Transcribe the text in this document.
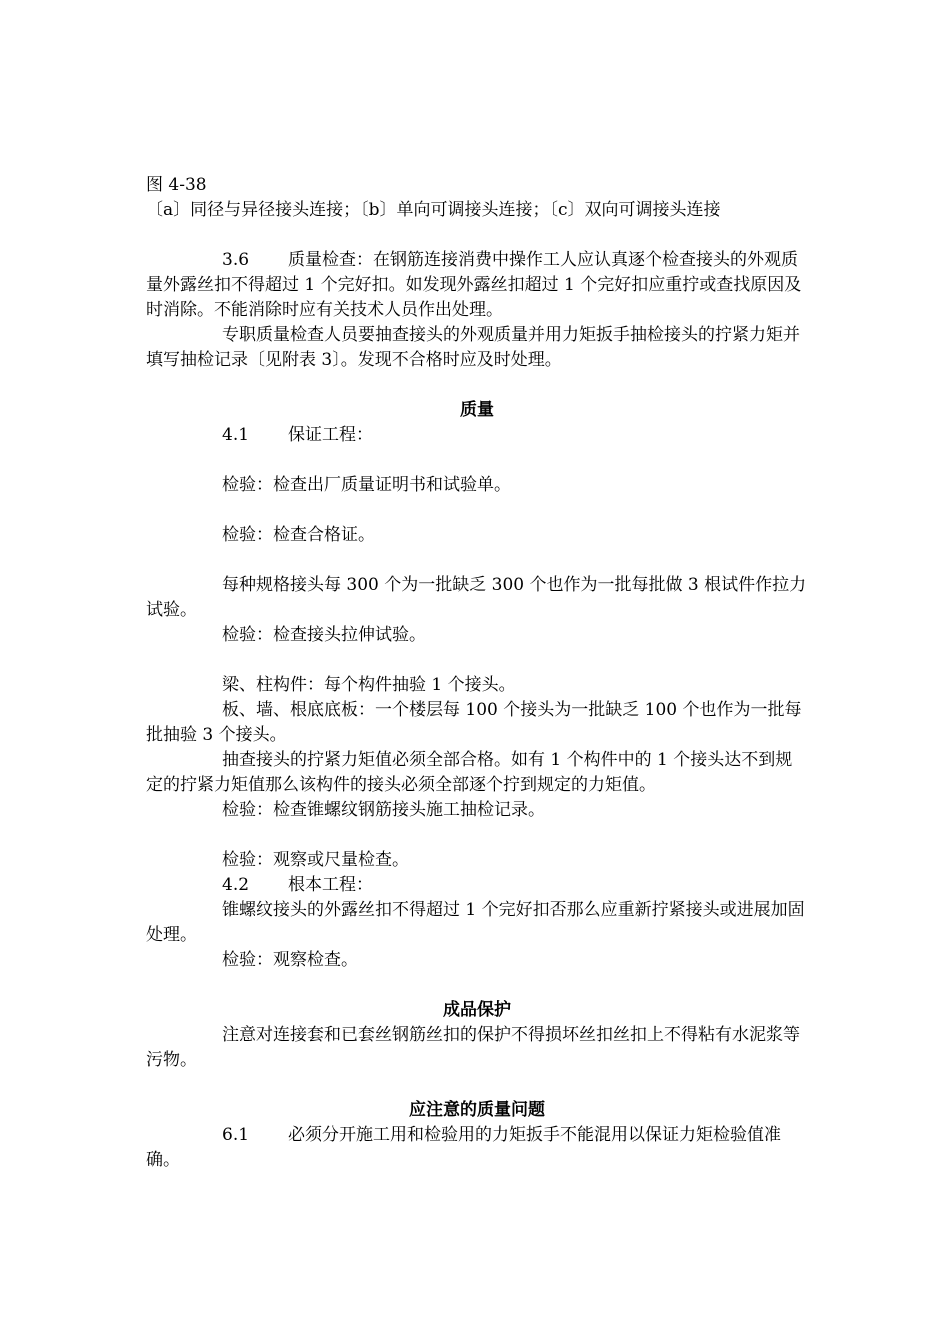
图 4-38

〔a〕同径与异径接头连接；〔b〕单向可调接头连接；〔c〕双向可调接头连接

3.6 质量检查：在钢筋连接消费中操作工人应认真逐个检查接头的外观质量外露丝扣不得超过 1 个完好扣。如发现外露丝扣超过 1 个完好扣应重拧或查找原因及时消除。不能消除时应有关技术人员作出处理。

专职质量检查人员要抽查接头的外观质量并用力矩扳手抽检接头的拧紧力矩并填写抽检记录〔见附表 3〕。发现不合格时应及时处理。

质量

4.1 保证工程：

检验：检查出厂质量证明书和试验单。

检验：检查合格证。

每种规格接头每 300 个为一批缺乏 300 个也作为一批每批做 3 根试件作拉力试验。

检验：检查接头拉伸试验。

梁、柱构件：每个构件抽验 1 个接头。

板、墙、根底底板：一个楼层每 100 个接头为一批缺乏 100 个也作为一批每批抽验 3 个接头。

抽查接头的拧紧力矩值必须全部合格。如有 1 个构件中的 1 个接头达不到规定的拧紧力矩值那么该构件的接头必须全部逐个拧到规定的力矩值。

检验：检查锥螺纹钢筋接头施工抽检记录。

检验：观察或尺量检查。

4.2 根本工程：

锥螺纹接头的外露丝扣不得超过 1 个完好扣否那么应重新拧紧接头或进展加固处理。

检验：观察检查。

成品保护

注意对连接套和已套丝钢筋丝扣的保护不得损坏丝扣丝扣上不得粘有水泥浆等污物。

应注意的质量问题

6.1 必须分开施工用和检验用的力矩扳手不能混用以保证力矩检验值准确。
